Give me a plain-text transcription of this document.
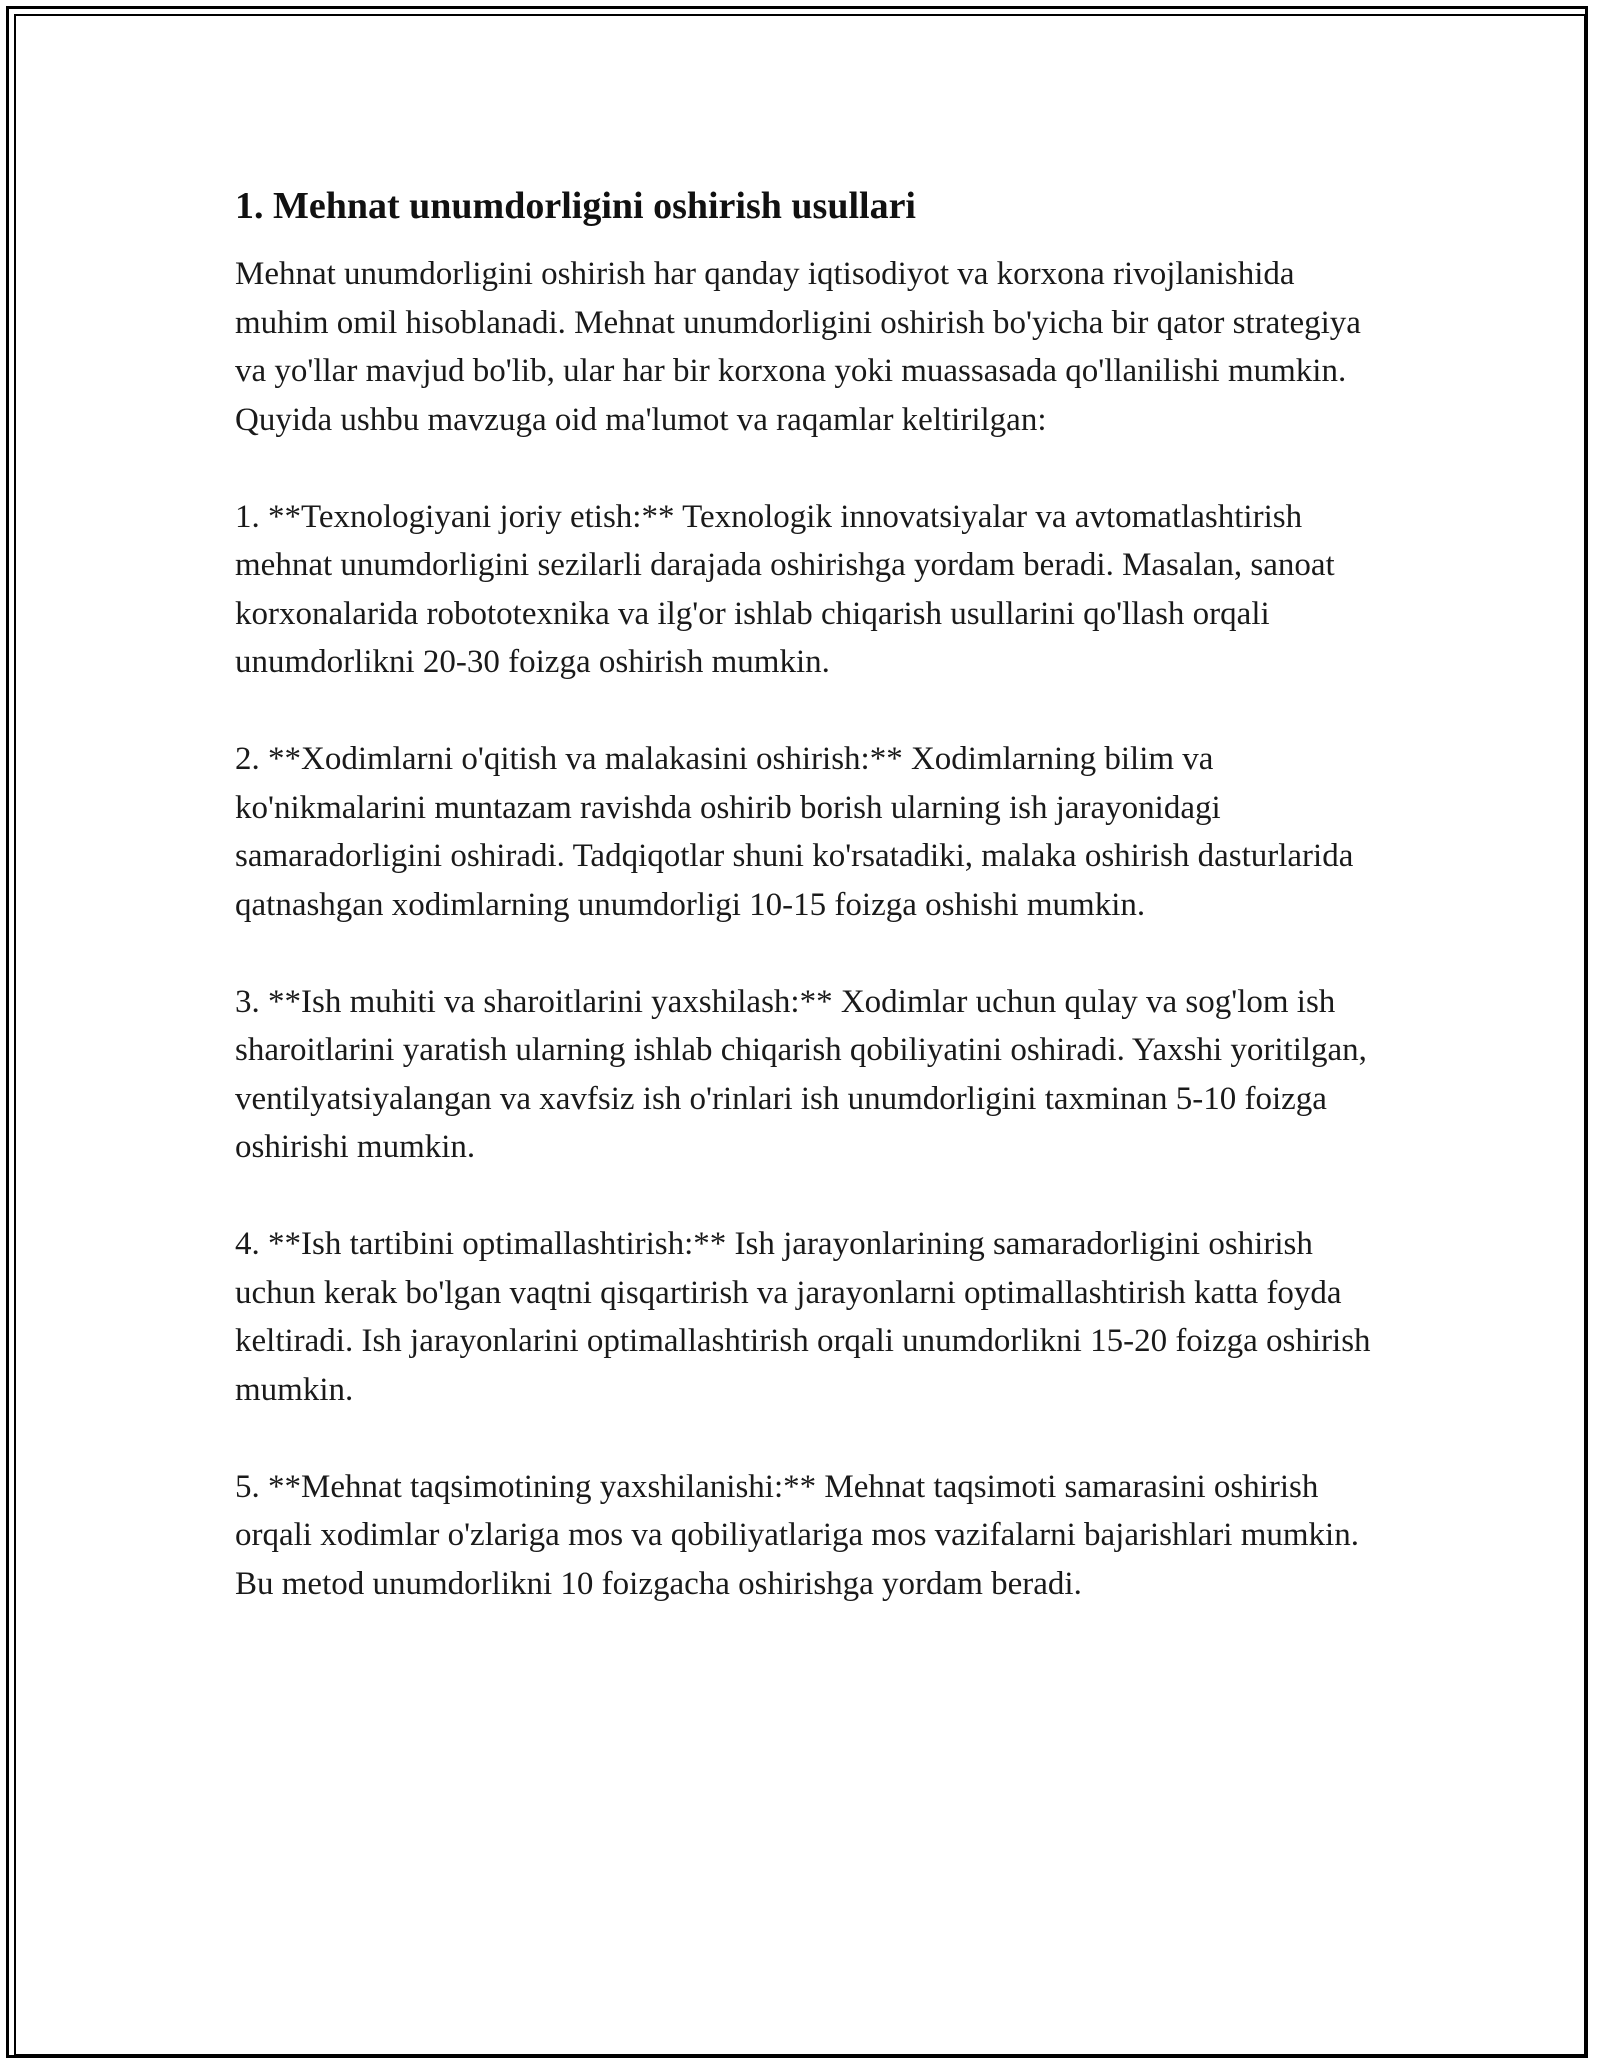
1. Mehnat unumdorligini oshirish usullari

Mehnat unumdorligini oshirish har qanday iqtisodiyot va korxona rivojlanishida muhim omil hisoblanadi. Mehnat unumdorligini oshirish bo'yicha bir qator strategiya va yo'llar mavjud bo'lib, ular har bir korxona yoki muassasada qo'llanilishi mumkin. Quyida ushbu mavzuga oid ma'lumot va raqamlar keltirilgan:

1. **Texnologiyani joriy etish:** Texnologik innovatsiyalar va avtomatlashtirish mehnat unumdorligini sezilarli darajada oshirishga yordam beradi. Masalan, sanoat korxonalarida robototexnika va ilg'or ishlab chiqarish usullarini qo'llash orqali unumdorlikni 20-30 foizga oshirish mumkin.

2. **Xodimlarni o'qitish va malakasini oshirish:** Xodimlarning bilim va ko'nikmalarini muntazam ravishda oshirib borish ularning ish jarayonidagi samaradorligini oshiradi. Tadqiqotlar shuni ko'rsatadiki, malaka oshirish dasturlarida qatnashgan xodimlarning unumdorligi 10-15 foizga oshishi mumkin.

3. **Ish muhiti va sharoitlarini yaxshilash:** Xodimlar uchun qulay va sog'lom ish sharoitlarini yaratish ularning ishlab chiqarish qobiliyatini oshiradi. Yaxshi yoritilgan, ventilyatsiyalangan va xavfsiz ish o'rinlari ish unumdorligini taxminan 5-10 foizga oshirishi mumkin.

4. **Ish tartibini optimallashtirish:** Ish jarayonlarining samaradorligini oshirish uchun kerak bo'lgan vaqtni qisqartirish va jarayonlarni optimallashtirish katta foyda keltiradi. Ish jarayonlarini optimallashtirish orqali unumdorlikni 15-20 foizga oshirish mumkin.

5. **Mehnat taqsimotining yaxshilanishi:** Mehnat taqsimoti samarasini oshirish orqali xodimlar o'zlariga mos va qobiliyatlariga mos vazifalarni bajarishlari mumkin. Bu metod unumdorlikni 10 foizgacha oshirishga yordam beradi.
